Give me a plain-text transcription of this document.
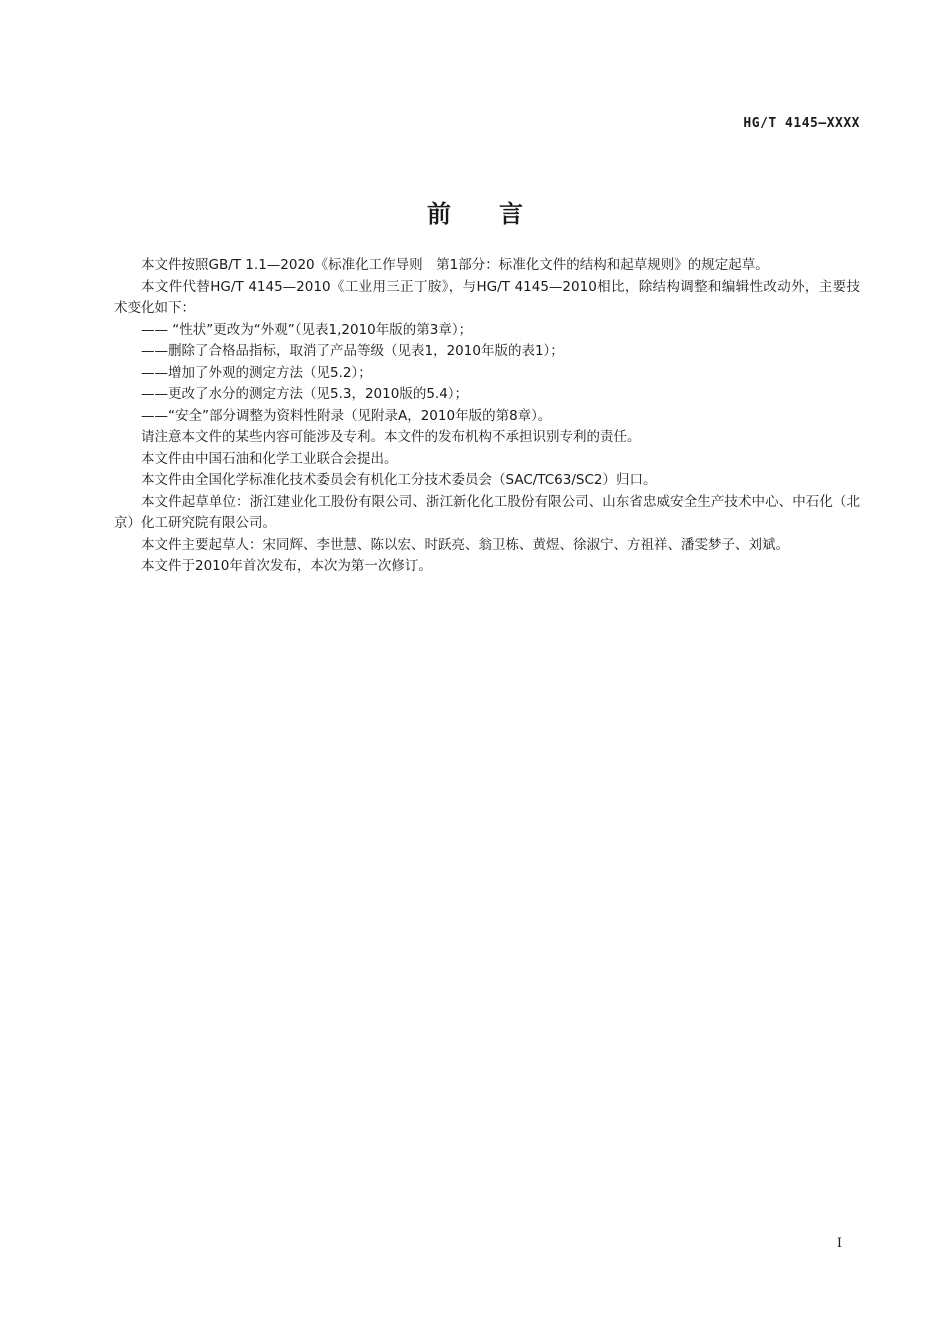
HG/T 4145—XXXX
前言

本文件按照GB/T 1.1—2020《标准化工作导则　第1部分：标准化文件的结构和起草规则》的规定起草。

本文件代替HG/T 4145—2010《工业用三正丁胺》，与HG/T 4145—2010相比，除结构调整和编辑性改动外，主要技术变化如下：

—— “性状”更改为“外观”（见表1,2010年版的第3章）；

——删除了合格品指标，取消了产品等级（见表1，2010年版的表1）；

——增加了外观的测定方法（见5.2）；

——更改了水分的测定方法（见5.3，2010版的5.4）；

——“安全”部分调整为资料性附录（见附录A，2010年版的第8章）。

请注意本文件的某些内容可能涉及专利。本文件的发布机构不承担识别专利的责任。

本文件由中国石油和化学工业联合会提出。

本文件由全国化学标准化技术委员会有机化工分技术委员会（SAC/TC63/SC2）归口。

本文件起草单位：浙江建业化工股份有限公司、浙江新化化工股份有限公司、山东省忠威安全生产技术中心、中石化（北京）化工研究院有限公司。

本文件主要起草人：宋同辉、李世慧、陈以宏、时跃亮、翁卫栋、黄煜、徐淑宁、方祖祥、潘雯梦子、刘斌。

本文件于2010年首次发布，本次为第一次修订。

I
